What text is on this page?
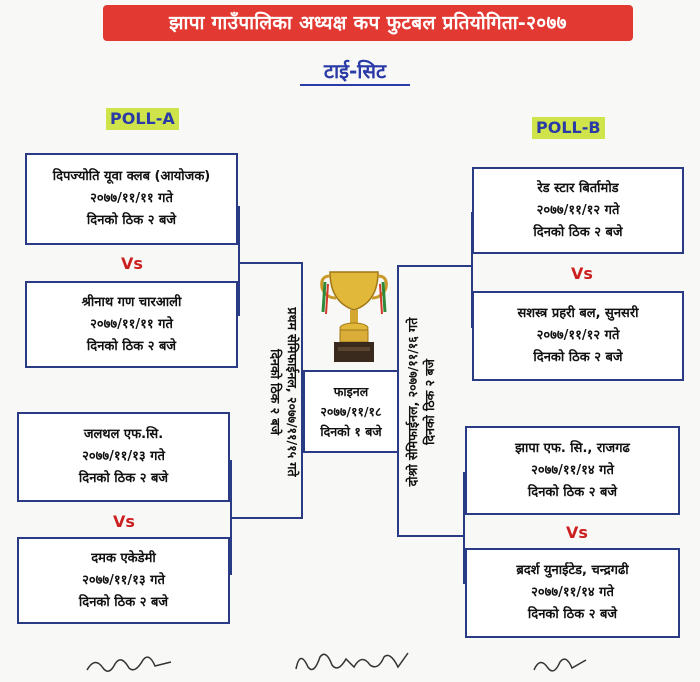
झापा गाउँपालिका अध्यक्ष कप फुटबल प्रतियोगिता-२०७७
टाई-सिट
POLL-A	POLL-B
दिपज्योति यूवा क्लब (आयोजक)
२०७७/११/११ गते
दिनको ठिक २ बजे
Vs
श्रीनाथ गण चारआली
२०७७/११/११ गते
दिनको ठिक २ बजे
जलथल एफ.सि.
२०७७/११/१३ गते
दिनको ठिक २ बजे
Vs
दमक एकेडेमी
२०७७/११/१३ गते
दिनको ठिक २ बजे
प्रथम सेमिफाईनल, २०७७/११/१५ गते
दिनको ठिक २ बजे	फाइनल
२०७७/११/१८
दिनको १ बजे	दोश्रो सेमिफाईनल, २०७७/११/१६ गते दिनको ठिक २ बजे
रेड स्टार बिर्तामोड
२०७७/११/१२ गते
दिनको ठिक २ बजे
Vs
सशस्त्र प्रहरी बल, सुनसरी
२०७७/११/१२ गते
दिनको ठिक २ बजे
झापा एफ. सि., राजगढ
२०७७/११/१४ गते
दिनको ठिक २ बजे
Vs
ब्रदर्श युनाईटेड, चन्द्रगढी
२०७७/११/१४ गते
दिनको ठिक २ बजे
